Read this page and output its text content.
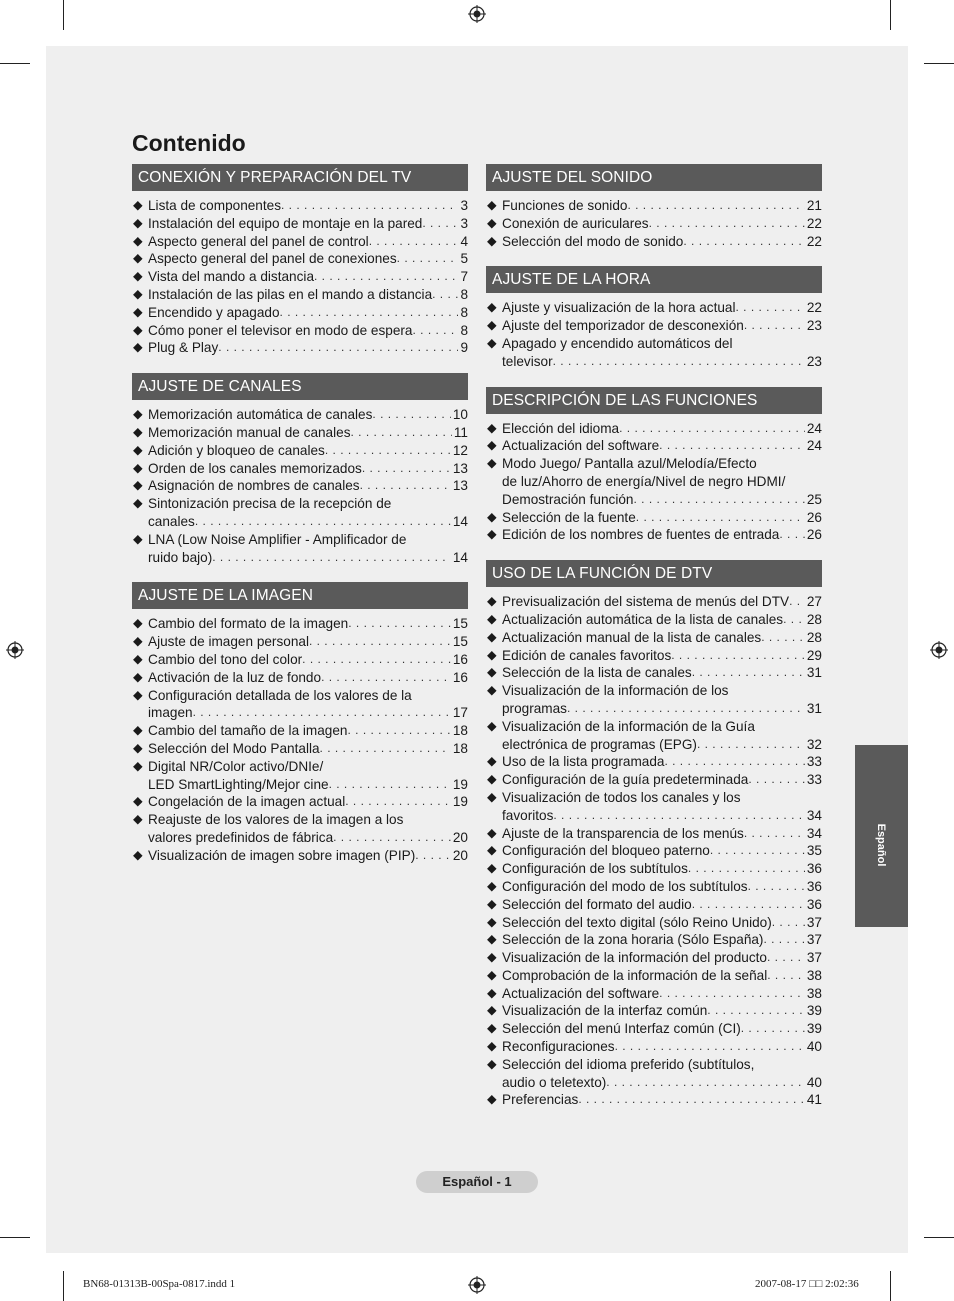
Contenido
CONEXIÓN Y PREPARACIÓN DEL TV
◆ Lista de componentes . . .	3
◆ Instalación del equipo de montaje en la pared . . .	3
◆ Aspecto general del panel de control . . .	4
◆ Aspecto general del panel de conexiones . . .	5
◆ Vista del mando a distancia . . .	7
◆ Instalación de las pilas en el mando a distancia . . . 8
◆ Encendido y apagado . . .	8
◆ Cómo poner el televisor en modo de espera . . .	8
◆ Plug & Play . . .	9
AJUSTE DE CANALES
◆ Memorización automática de canales . . .	10
◆ Memorización manual de canales . . .	11
◆ Adición y bloqueo de canales . . .	12
◆ Orden de los canales memorizados . . .	13
◆ Asignación de nombres de canales . . .	13
◆ Sintonización precisa de la recepción de
canales . . .	14
◆ LNA (Low Noise Amplifier - Amplificador de
ruido bajo) . . .	14
AJUSTE DE LA IMAGEN
◆ Cambio del formato de la imagen . . .	15
◆ Ajuste de imagen personal . . .	15
◆ Cambio del tono del color . . .	16
◆ Activación de la luz de fondo . . .	16
◆ Configuración detallada de los valores de la
imagen . . .	17
◆ Cambio del tamaño de la imagen . . .	18
◆ Selección del Modo Pantalla . . .	18
◆ Digital NR/Color activo/DNIe/
LED SmartLighting/Mejor cine . . .	19
◆ Congelación de la imagen actual . . .	19
◆ Reajuste de los valores de la imagen a los
valores predefinidos de fábrica . . .	20
◆ Visualización de imagen sobre imagen (PIP) . . .	20
AJUSTE DEL SONIDO
◆ Funciones de sonido . . .	21
◆ Conexión de auriculares . . .	22
◆ Selección del modo de sonido . . .	22
AJUSTE DE LA HORA
◆ Ajuste y visualización de la hora actual . . .	22
◆ Ajuste del temporizador de desconexión . . .	23
◆ Apagado y encendido automáticos del
televisor . . .	23
DESCRIPCIÓN DE LAS FUNCIONES
◆ Elección del idioma . . .	24
◆ Actualización del software . . .	24
◆ Modo Juego/ Pantalla azul/Melodía/Efecto
de luz/Ahorro de energía/Nivel de negro HDMI/
Demostración función . . .	25
◆ Selección de la fuente . . .	26
◆ Edición de los nombres de fuentes de entrada . . . 26
USO DE LA FUNCIÓN DE DTV
◆ Previsualización del sistema de menús del DTV . . . 27
◆ Actualización automática de la lista de canales . . . 28
◆ Actualización manual de la lista de canales . . .	28
◆ Edición de canales favoritos . . .	29
◆ Selección de la lista de canales . . .	31
◆ Visualización de la información de los
programas . . .	31
◆ Visualización de la información de la Guía
electrónica de programas (EPG) . . .	32
◆ Uso de la lista programada . . .	33
◆ Configuración de la guía predeterminada . . .	33
◆ Visualización de todos los canales y los
favoritos . . .	34
◆ Ajuste de la transparencia de los menús . . .	34
◆ Configuración del bloqueo paterno . . .	35
◆ Configuración de los subtítulos . . .	36
◆ Configuración del modo de los subtítulos . . .	36
◆ Selección del formato del audio . . .	36
◆ Selección del texto digital (sólo Reino Unido) . . .	37
◆ Selección de la zona horaria (Sólo España) . . .	37
◆ Visualización de la información del producto . . .	37
◆ Comprobación de la información de la señal . . .	38
◆ Actualización del software . . .	38
◆ Visualización de la interfaz común . . .	39
◆ Selección del menú Interfaz común (CI) . . .	39
◆ Reconfiguraciones . . .	40
◆ Selección del idioma preferido (subtítulos,
audio o teletexto) . . .	40
◆ Preferencias . . .	41
Español
Español - 1
BN68-01313B-00Spa-0817.indd 1	2007-08-17 □□ 2:02:36
